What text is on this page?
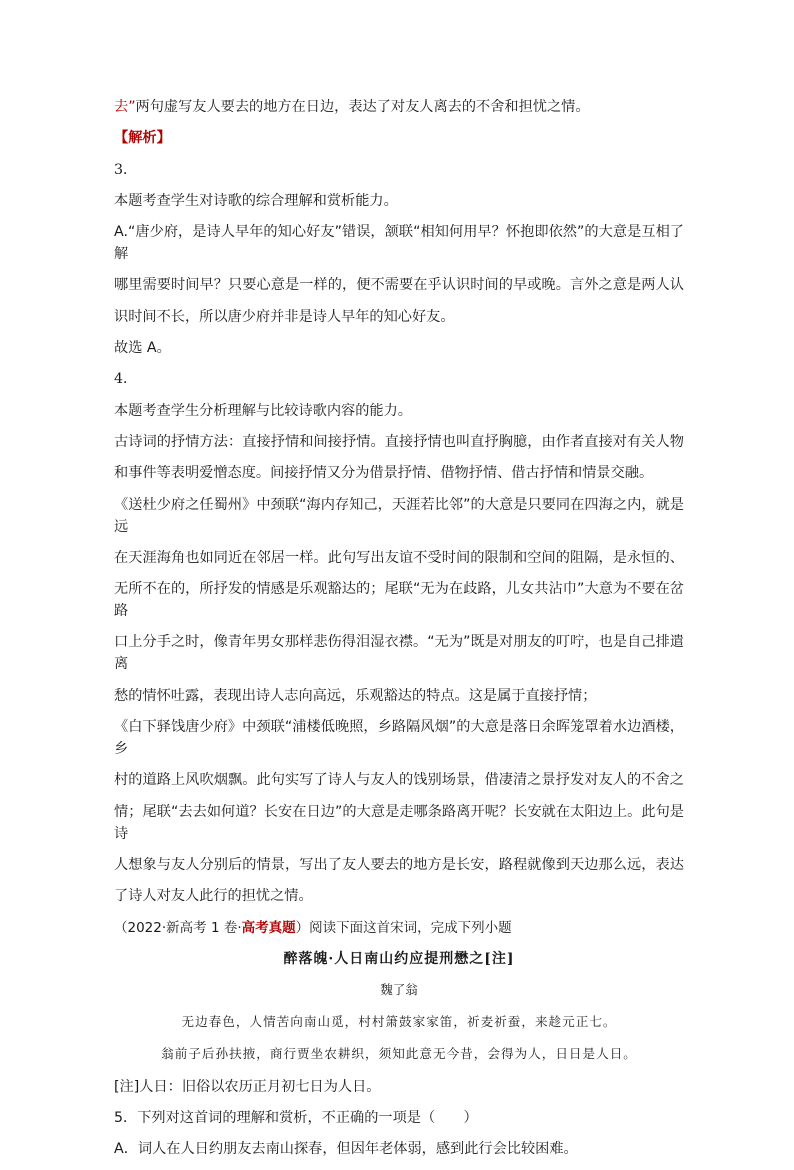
去”两句虚写友人要去的地方在日边，表达了对友人离去的不舍和担忧之情。

【解析】

3．

本题考查学生对诗歌的综合理解和赏析能力。

A.“唐少府，是诗人早年的知心好友”错误，颔联“相知何用早？怀抱即依然”的大意是互相了解

哪里需要时间早？只要心意是一样的，便不需要在乎认识时间的早或晚。言外之意是两人认

识时间不长，所以唐少府并非是诗人早年的知心好友。

故选 A。

4．

本题考查学生分析理解与比较诗歌内容的能力。

古诗词的抒情方法：直接抒情和间接抒情。直接抒情也叫直抒胸臆，由作者直接对有关人物

和事件等表明爱憎态度。间接抒情又分为借景抒情、借物抒情、借古抒情和情景交融。

《送杜少府之任蜀州》中颈联“海内存知己，天涯若比邻”的大意是只要同在四海之内，就是远

在天涯海角也如同近在邻居一样。此句写出友谊不受时间的限制和空间的阻隔，是永恒的、

无所不在的，所抒发的情感是乐观豁达的；尾联“无为在歧路，儿女共沾巾”大意为不要在岔路

口上分手之时，像青年男女那样悲伤得泪湿衣襟。“无为”既是对朋友的叮咛，也是自己排遣离

愁的情怀吐露，表现出诗人志向高远，乐观豁达的特点。这是属于直接抒情；

《白下驿饯唐少府》中颈联“浦楼低晚照，乡路隔风烟”的大意是落日余晖笼罩着水边酒楼，乡

村的道路上风吹烟飘。此句实写了诗人与友人的饯别场景，借凄清之景抒发对友人的不舍之

情；尾联“去去如何道？长安在日边”的大意是走哪条路离开呢？长安就在太阳边上。此句是诗

人想象与友人分别后的情景，写出了友人要去的地方是长安，路程就像到天边那么远，表达

了诗人对友人此行的担忧之情。

（2022·新高考 1 卷·高考真题）阅读下面这首宋词，完成下列小题

醉落魄·人日南山约应提刑懋之[注]

魏了翁

无边春色，人情苦向南山觅，村村箫鼓家家笛，祈麦祈蚕，来趁元正七。

翁前子后孙扶掖，商行贾坐农耕织，须知此意无今昔，会得为人，日日是人日。

[注]人日：旧俗以农历正月初七日为人日。

5．下列对这首词的理解和赏析，不正确的一项是（　　）

A．词人在人日约朋友去南山探春，但因年老体弱，感到此行会比较困难。
